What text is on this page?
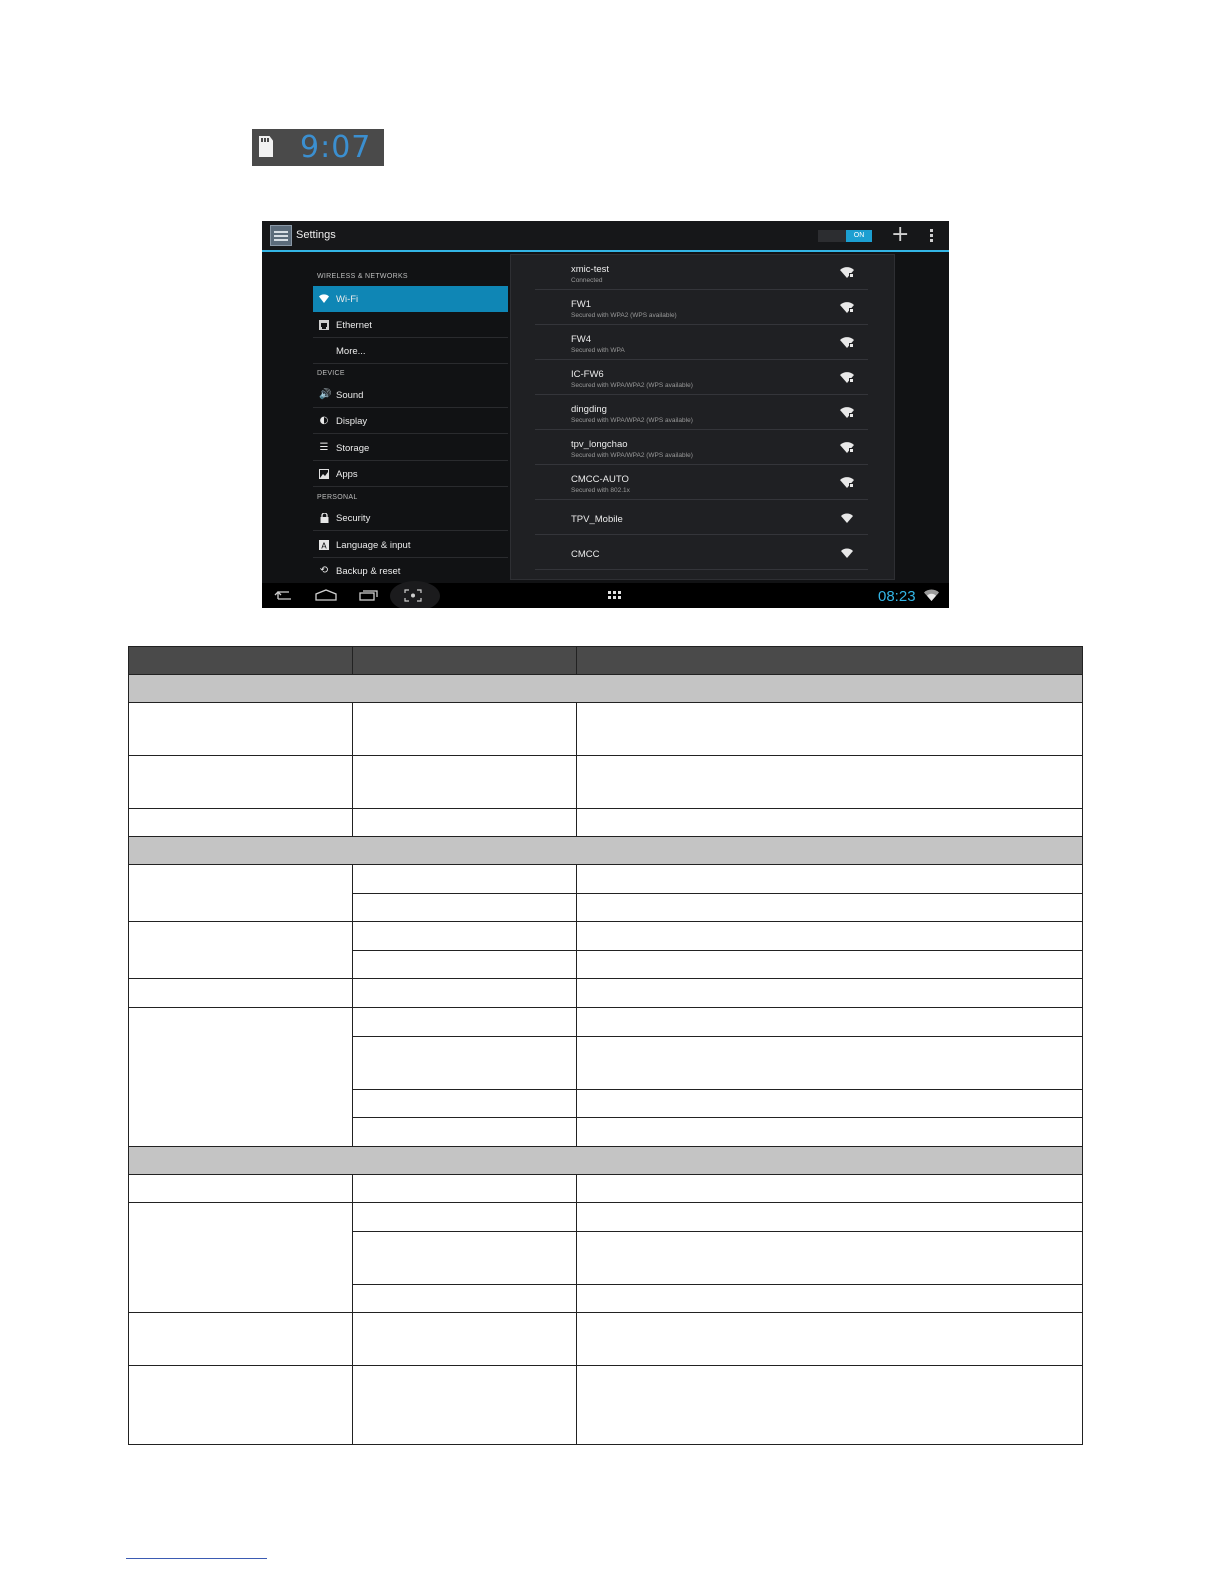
9:07
Settings	ON	+
WIRELESS & NETWORKS
Wi-Fi
Ethernet
More...
DEVICE
🔊 Sound
◐ Display
☰ Storage
Apps
PERSONAL
Security
A Language & input
⟲ Backup & reset
xmic-test
Connected
FW1
Secured with WPA2 (WPS available)
FW4
Secured with WPA
IC-FW6
Secured with WPA/WPA2 (WPS available)
dingding
Secured with WPA/WPA2 (WPS available)
tpv_longchao
Secured with WPA/WPA2 (WPS available)
CMCC-AUTO
Secured with 802.1x
TPV_Mobile
CMCC
08:23
